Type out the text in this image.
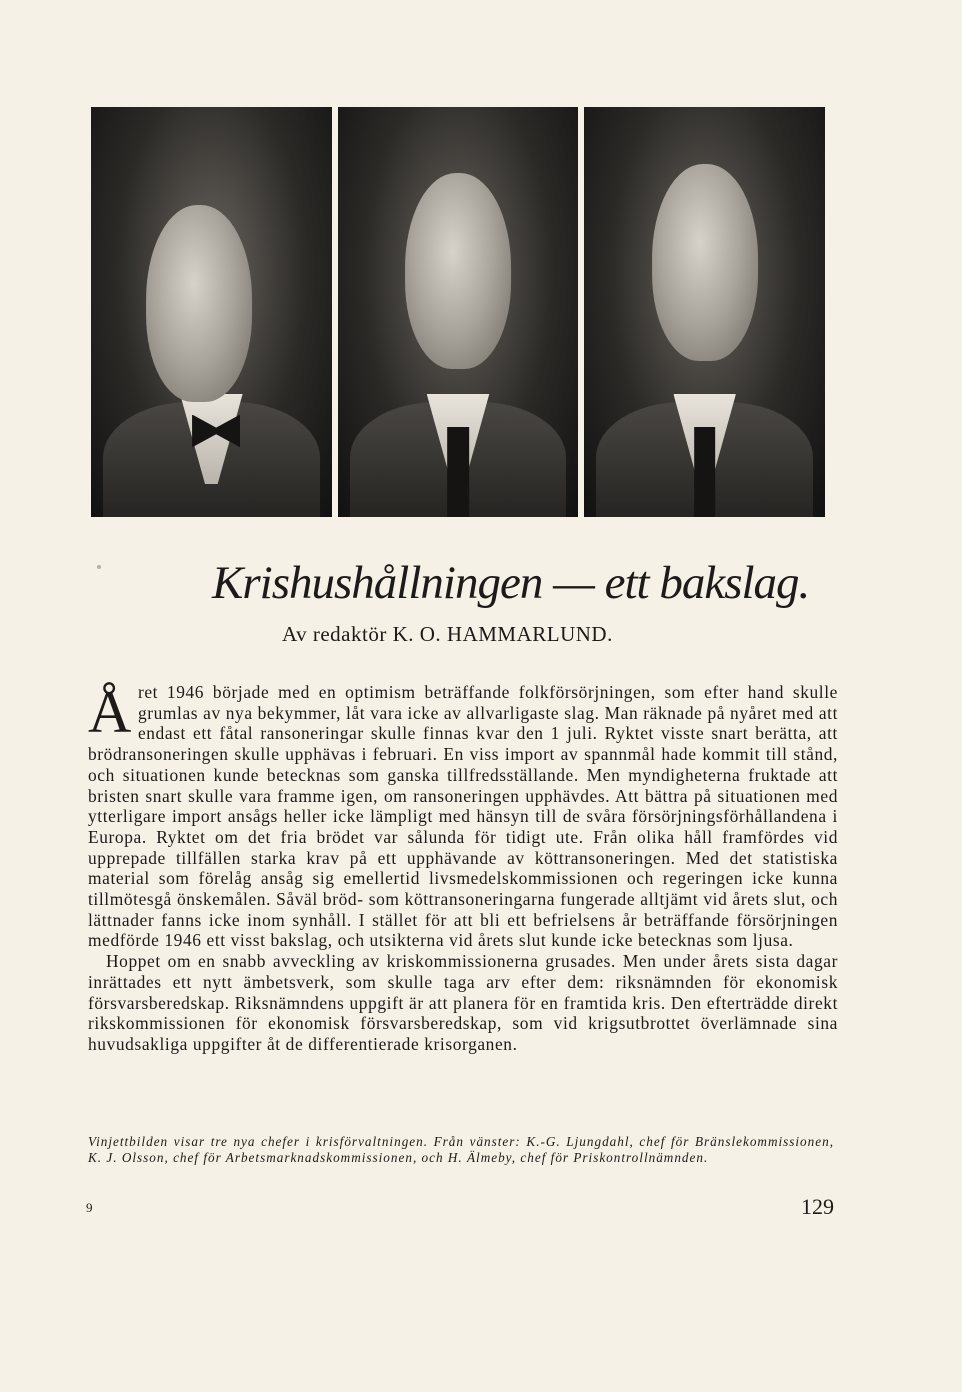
Krishushållningen — ett bakslag.
Av redaktör K. O. HAMMARLUND.

Året 1946 började med en optimism beträffande folkförsörjningen, som efter hand skulle grumlas av nya bekymmer, låt vara icke av allvarligaste slag. Man räknade på nyåret med att endast ett fåtal ransoneringar skulle finnas kvar den 1 juli. Ryktet visste snart berätta, att brödransoneringen skulle upphävas i februari. En viss import av spannmål hade kommit till stånd, och situationen kunde betecknas som ganska tillfredsställande. Men myndigheterna fruktade att bristen snart skulle vara framme igen, om ransoneringen upphävdes. Att bättra på situationen med ytterligare import ansågs heller icke lämpligt med hänsyn till de svåra försörjningsförhållandena i Europa. Ryktet om det fria brödet var sålunda för tidigt ute. Från olika håll framfördes vid upprepade tillfällen starka krav på ett upphävande av köttransoneringen. Med det statistiska material som förelåg ansåg sig emellertid livsmedelskommissionen och regeringen icke kunna tillmötesgå önskemålen. Såväl bröd- som köttransoneringarna fungerade alltjämt vid årets slut, och lättnader fanns icke inom synhåll. I stället för att bli ett befrielsens år beträffande försörjningen medförde 1946 ett visst bakslag, och utsikterna vid årets slut kunde icke betecknas som ljusa.

Hoppet om en snabb avveckling av kriskommissionerna grusades. Men under årets sista dagar inrättades ett nytt ämbetsverk, som skulle taga arv efter dem: riksnämnden för ekonomisk försvarsberedskap. Riksnämndens uppgift är att planera för en framtida kris. Den efterträdde direkt rikskommissionen för ekonomisk försvarsberedskap, som vid krigsutbrottet överlämnade sina huvudsakliga uppgifter åt de differentierade krisorganen.

Vinjettbilden visar tre nya chefer i krisförvaltningen. Från vänster: K.-G. Ljungdahl, chef för Bränslekommissionen, K. J. Olsson, chef för Arbetsmarknadskommissionen, och H. Älmeby, chef för Priskontrollnämnden.
9	129
